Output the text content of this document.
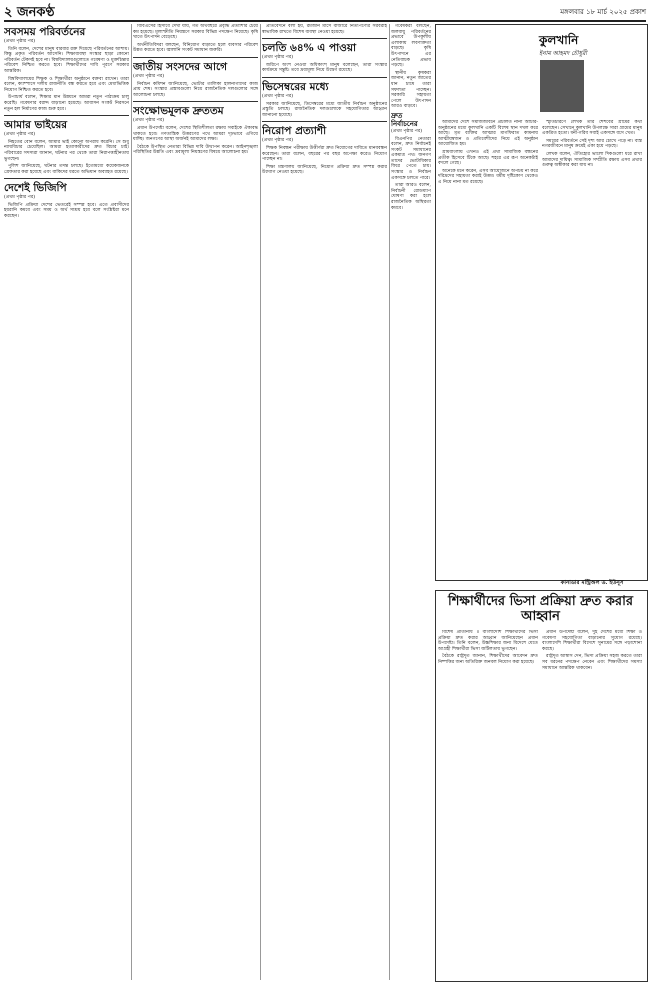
২ জনকণ্ঠ	মঙ্গলবার ১৮ মার্চ ২০২৫ প্রকাশ
সবসময় পরিবর্তনের
(প্রথম পৃষ্ঠার পর)

তিনি বলেন, দেশের মানুষ বারবার রক্ত দিয়েছে পরিবর্তনের আশায়। কিন্তু প্রকৃত পরিবর্তন আসেনি। শিক্ষাব্যবস্থা সংস্কার ছাড়া কোনো পরিবর্তন টেকসই হবে না। বিশ্ববিদ্যালয়গুলোতে গবেষণা ও মুক্তচিন্তার পরিবেশ নিশ্চিত করতে হবে। শিক্ষার্থীদের দাবি পূরণে সরকার আন্তরিক।

বিশ্ববিদ্যালয়ের শিক্ষক ও শিক্ষার্থীরা অনুষ্ঠানে বক্তব্য রাখেন। তারা বলেন, ক্যাম্পাসে দলীয় রাজনীতি বন্ধ করতে হবে এবং মেধাভিত্তিক নিয়োগ নিশ্চিত করতে হবে।

উপাচার্য বলেন, শিক্ষার মান উন্নয়নে আমরা নতুন পাঠ্যক্রম চালু করেছি। গবেষণার বরাদ্দ বাড়ানো হয়েছে। আবাসন সংকট নিরসনে নতুন হল নির্মাণের কাজ শুরু হবে।

আমার ভাইয়ের
(প্রথম পৃষ্ঠার পর)

নিহতের বোন বলেন, আমার ভাই কোনো অপরাধ করেনি। সে শুধু ন্যায়বিচার চেয়েছিল। আমরা হত্যাকারীদের দ্রুত বিচার চাই। পরিবারের সদস্যরা জানান, ঘটনার পর থেকে তারা নিরাপত্তাহীনতায় ভুগছেন।

পুলিশ জানিয়েছে, ঘটনার তদন্ত চলছে। ইতোমধ্যে কয়েকজনকে গ্রেফতার করা হয়েছে এবং বাকিদের ধরতে অভিযান অব্যাহত রয়েছে।

দেশেই ভিজিপি
(প্রথম পৃষ্ঠার পর)

ভিজিপি প্রক্রিয়া দেশের ভেতরেই সম্পন্ন হবে। এতে প্রবাসীদের হয়রানি কমবে এবং সময় ও অর্থ সাশ্রয় হবে বলে সংশ্লিষ্টরা মনে করছেন।

বিবিএসের হিসাবে দেখা যায়, গত অর্থবছরে প্রবৃদ্ধি প্রত্যাশার চেয়ে কম হয়েছে। মূল্যস্ফীতি নিয়ন্ত্রণে সরকার বিভিন্ন পদক্ষেপ নিয়েছে। কৃষি খাতে উৎপাদন বেড়েছে।

অর্থনীতিবিদরা বলছেন, বিনিয়োগ বাড়াতে হলে ব্যবসার পরিবেশ উন্নত করতে হবে। জ্বালানি সংকট সমাধান জরুরি।

জাতীয় সংসদের আগে
(প্রথম পৃষ্ঠার পর)

নির্বাচন কমিশন জানিয়েছে, ভোটার তালিকা হালনাগাদের কাজ প্রায় শেষ। সংস্কার প্রস্তাবগুলো নিয়ে রাজনৈতিক দলগুলোর সঙ্গে আলোচনা চলছে।

সংক্ষোভমূলক দ্রুততম
(প্রথম পৃষ্ঠার পর)

প্রধান উপদেষ্টা বলেন, দেশের স্থিতিশীলতা রক্ষায় সবাইকে ঐক্যবদ্ধ থাকতে হবে। গণতান্ত্রিক উত্তরণের পথে আমরা দৃঢ়ভাবে এগিয়ে যাচ্ছি। জনগণের আস্থা অর্জনই আমাদের লক্ষ্য।

বৈঠকে উপস্থিত নেতারা বিভিন্ন দাবি উত্থাপন করেন। আইনশৃঙ্খলা পরিস্থিতির উন্নতি এবং দ্রব্যমূল্য নিয়ন্ত্রণের বিষয়ে আলোচনা হয়।

প্রতিবেদনে বলা হয়, রমজান মাসে বাজারে নিত্যপণ্যের সরবরাহ স্বাভাবিক রাখতে বিশেষ ব্যবস্থা নেওয়া হয়েছে।

চলতি ৬৪% এ পাওয়া
(প্রথম পৃষ্ঠার পর)

জরিপে অংশ নেওয়া অধিকাংশ মানুষ বলেছেন, তারা সংস্কার কার্যক্রমে সন্তুষ্ট। তবে দ্রব্যমূল্য নিয়ে উদ্বেগ রয়েছে।

ভিসেম্বরের মধ্যে
(প্রথম পৃষ্ঠার পর)

সরকার জানিয়েছে, ডিসেম্বরের মধ্যে জাতীয় নির্বাচন অনুষ্ঠানের প্রস্তুতি চলছে। রাজনৈতিক দলগুলোকে সহযোগিতার আহ্বান জানানো হয়েছে।

নিরোপ প্রত্যাশী
(প্রথম পৃষ্ঠার পর)

শিক্ষক নিবন্ধন পরীক্ষায় উত্তীর্ণরা দ্রুত নিয়োগের দাবিতে মানববন্ধন করেছেন। তারা বলেন, বছরের পর বছর অপেক্ষা করেও নিয়োগ পাচ্ছেন না।

শিক্ষা মন্ত্রণালয় জানিয়েছে, নিয়োগ প্রক্রিয়া দ্রুত সম্পন্ন করার উদ্যোগ নেওয়া হয়েছে।

গবেষকরা বলছেন, জলবায়ু পরিবর্তনের প্রভাবে উপকূলীয় এলাকায় লবণাক্ততা বাড়ছে। কৃষি উৎপাদনে এর নেতিবাচক প্রভাব পড়ছে।

স্থানীয় কৃষকরা জানান, নতুন জাতের ধান চাষে তারা সফলতা পাচ্ছেন। সরকারি সহায়তা পেলে উৎপাদন আরও বাড়বে।

দ্রুত নির্বাচনের
(প্রথম পৃষ্ঠার পর)

বিএনপির নেতারা বলেন, দ্রুত নির্বাচনই সংকট সমাধানের একমাত্র পথ। জনগণ তাদের ভোটাধিকার ফিরে পেতে চায়। সংস্কার ও নির্বাচন একসঙ্গে চলতে পারে।

তারা আরও বলেন, নির্বাচনী রোডম্যাপ ঘোষণা করা হলে রাজনৈতিক অস্থিরতা কমবে।

কুলখানি
ইনাম আহমদ চৌধুরী

আমাদের দেশে সমাজজীবনে প্রচলিত নানা আচার-অনুষ্ঠানের মধ্যে কুলখানি একটি বিশেষ স্থান দখল করে আছে। মৃত ব্যক্তির আত্মার মাগফিরাত কামনায় আত্মীয়স্বজন ও প্রতিবেশীদের নিয়ে এই অনুষ্ঠান আয়োজিত হয়।

গ্রামবাংলায় এখনও এই প্রথা সামাজিক বন্ধনের প্রতীক হিসেবে টিকে আছে। শহরে এর রূপ অনেকটাই বদলে গেছে।

অনেকে মনে করেন, এসব আয়োজনে অপচয় না করে দরিদ্রদের সহায়তা করাই উত্তম। ধর্মীয় দৃষ্টিকোণ থেকেও এ নিয়ে নানা মত রয়েছে।

স্মৃতিচারণে লেখক তার শৈশবের গ্রামের কথা বলেছেন। সেখানে কুলখানি উপলক্ষে সারা গ্রামের মানুষ একত্রিত হতো। ধনী-গরিব সবাই একসঙ্গে বসে খেত।

সময়ের পরিবর্তনে সেই দৃশ্য আর চোখে পড়ে না। ব্যস্ত নগরজীবনে মানুষ ক্রমেই একা হয়ে পড়ছে।

লেখক বলেন, ঐতিহ্যের ভালো দিকগুলো ধরে রাখা আমাদের দায়িত্ব। সামাজিক সম্প্রীতি রক্ষায় এসব প্রথার গুরুত্ব অস্বীকার করা যায় না।

কানাডার মন্ট্রিঅল ড. ইউনূস
শিক্ষার্থীদের ভিসা প্রক্রিয়া দ্রুত করার আহ্বান

বিশেষ প্রতিনিধি ॥ বাংলাদেশি শিক্ষার্থীদের ভিসা প্রক্রিয়া দ্রুত করার আহ্বান জানিয়েছেন প্রধান উপদেষ্টা। তিনি বলেন, উচ্চশিক্ষার জন্য বিদেশে যেতে আগ্রহী শিক্ষার্থীরা ভিসা জটিলতায় ভুগছেন।

বৈঠকে রাষ্ট্রদূত জানান, শিক্ষার্থীদের আবেদন দ্রুত নিষ্পত্তির জন্য অতিরিক্ত জনবল নিয়োগ করা হয়েছে।

প্রধান উপদেষ্টা বলেন, দুই দেশের মধ্যে শিক্ষা ও গবেষণা সহযোগিতা বাড়ানোর সুযোগ রয়েছে। বাংলাদেশি শিক্ষার্থীরা বিদেশে সুনামের সঙ্গে পড়াশোনা করছে।

রাষ্ট্রদূত আশ্বাস দেন, ভিসা প্রক্রিয়া সহজ করতে তারা সব ধরনের পদক্ষেপ নেবেন এবং শিক্ষার্থীদের সমস্যা সমাধানে আন্তরিক থাকবেন।
